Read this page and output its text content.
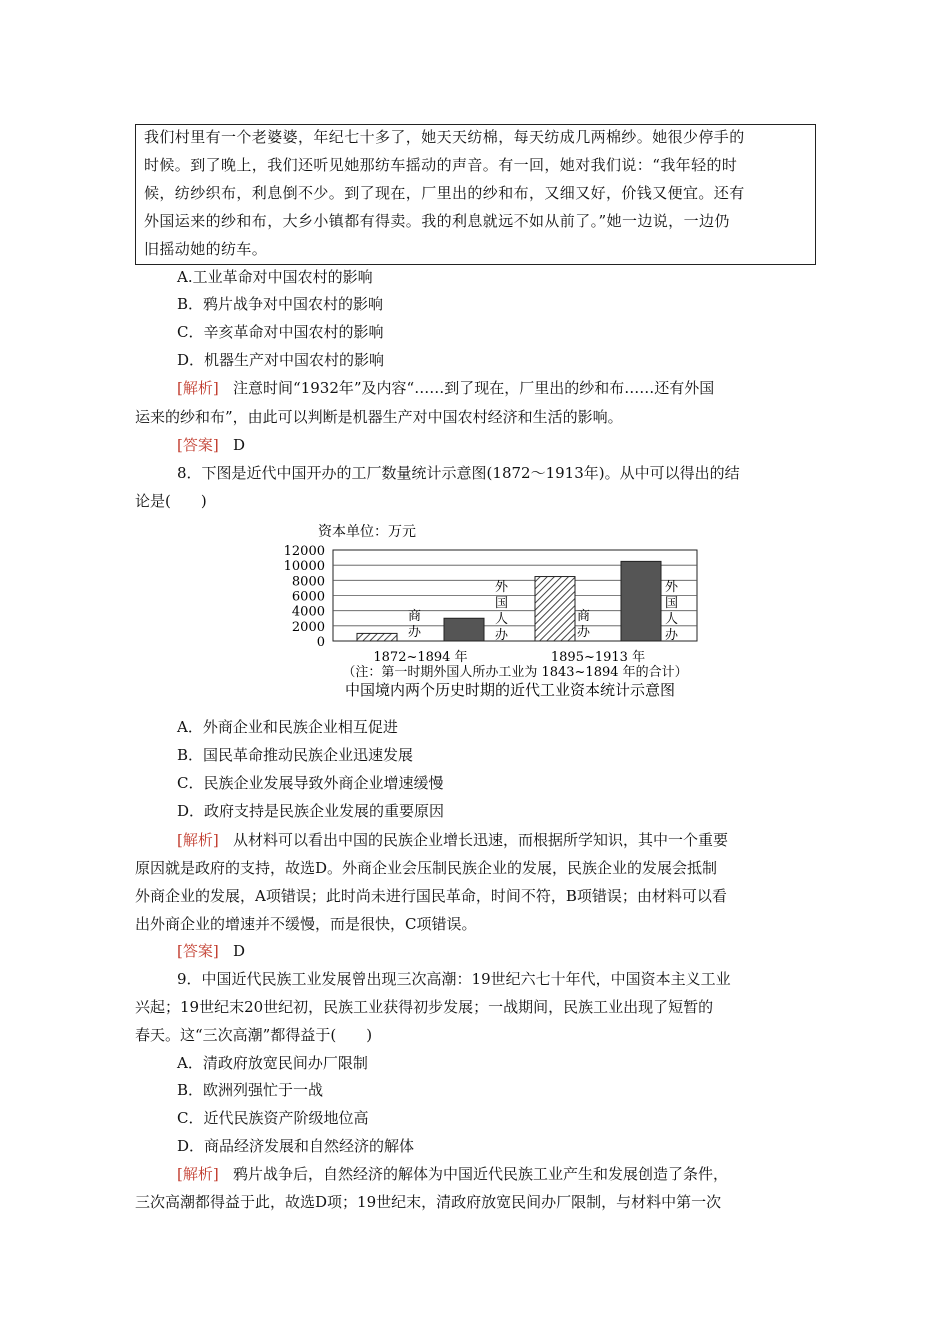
我们村里有一个老婆婆，年纪七十多了，她天天纺棉，每天纺成几两棉纱。她很少停手的
时候。到了晚上，我们还听见她那纺车摇动的声音。有一回，她对我们说：“我年轻的时
候，纺纱织布，利息倒不少。到了现在，厂里出的纱和布，又细又好，价钱又便宜。还有
外国运来的纱和布，大乡小镇都有得卖。我的利息就远不如从前了。”她一边说，一边仍
旧摇动她的纺车。
A.工业革命对中国农村的影响
B．鸦片战争对中国农村的影响
C．辛亥革命对中国农村的影响
D．机器生产对中国农村的影响
[解析] 注意时间“1932年”及内容“……到了现在，厂里出的纱和布……还有外国
运来的纱和布”，由此可以判断是机器生产对中国农村经济和生活的影响。
[答案] D
8．下图是近代中国开办的工厂数量统计示意图(1872～1913年)。从中可以得出的结
论是(　　)
资本单位：万元
12000
10000
8000
6000
4000
2000
0
商
办
外
国
人
办
1872~1894 年
商
办
外
国
人
办
1895~1913 年
（注：第一时期外国人所办工业为 1843~1894 年的合计）
中国境内两个历史时期的近代工业资本统计示意图
A．外商企业和民族企业相互促进
B．国民革命推动民族企业迅速发展
C．民族企业发展导致外商企业增速缓慢
D．政府支持是民族企业发展的重要原因
[解析] 从材料可以看出中国的民族企业增长迅速，而根据所学知识，其中一个重要
原因就是政府的支持，故选D。外商企业会压制民族企业的发展，民族企业的发展会抵制
外商企业的发展，A项错误；此时尚未进行国民革命，时间不符，B项错误；由材料可以看
出外商企业的增速并不缓慢，而是很快，C项错误。
[答案] D
9．中国近代民族工业发展曾出现三次高潮：19世纪六七十年代，中国资本主义工业
兴起；19世纪末20世纪初，民族工业获得初步发展；一战期间，民族工业出现了短暂的
春天。这“三次高潮”都得益于(　　)
A．清政府放宽民间办厂限制
B．欧洲列强忙于一战
C．近代民族资产阶级地位高
D．商品经济发展和自然经济的解体
[解析] 鸦片战争后，自然经济的解体为中国近代民族工业产生和发展创造了条件，
三次高潮都得益于此，故选D项；19世纪末，清政府放宽民间办厂限制，与材料中第一次
